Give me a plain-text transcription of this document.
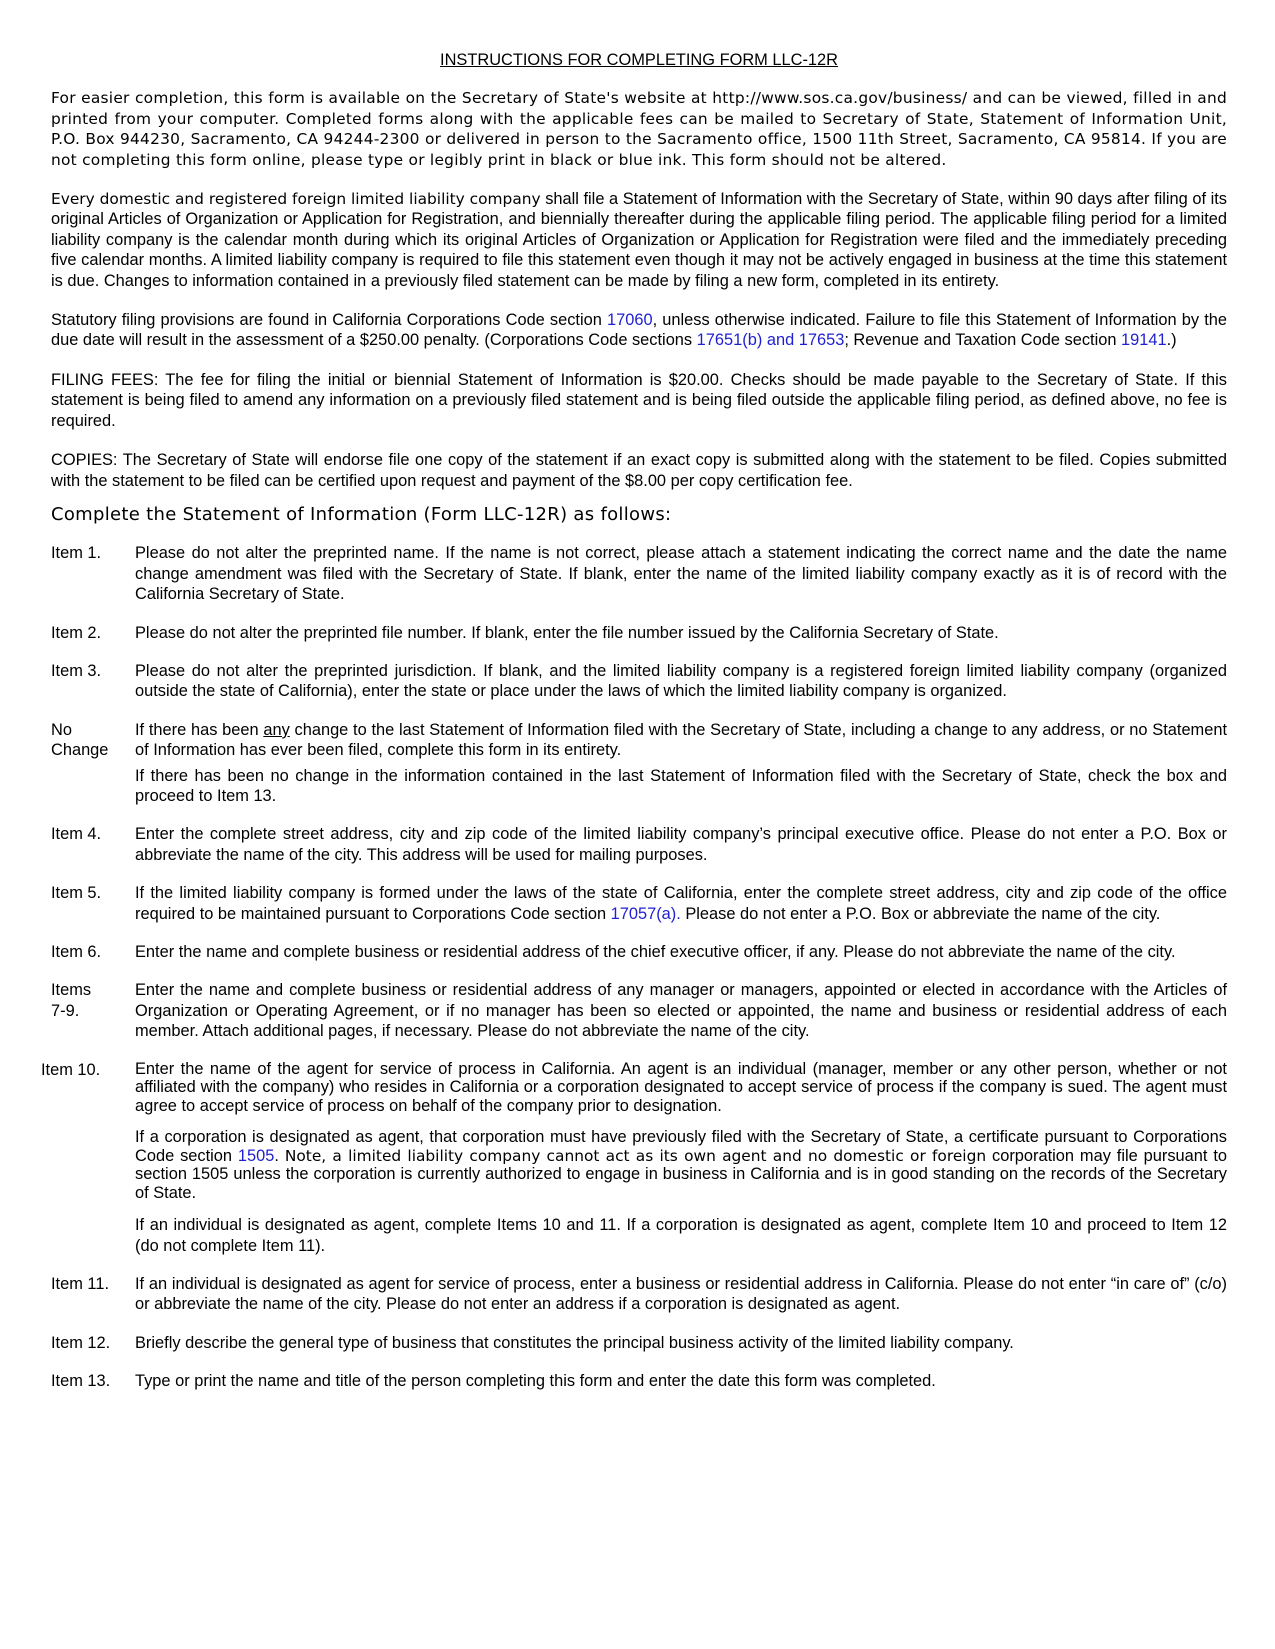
INSTRUCTIONS FOR COMPLETING FORM LLC-12R

For easier completion, this form is available on the Secretary of State's website at http://www.sos.ca.gov/business/ and can be viewed, filled in and printed from your computer. Completed forms along with the applicable fees can be mailed to Secretary of State, Statement of Information Unit, P.O. Box 944230, Sacramento, CA 94244-2300 or delivered in person to the Sacramento office, 1500 11th Street, Sacramento, CA 95814. If you are not completing this form online, please type or legibly print in black or blue ink. This form should not be altered.

Every domestic and registered foreign limited liability company shall file a Statement of Information with the Secretary of State, within 90 days after filing of its original Articles of Organization or Application for Registration, and biennially thereafter during the applicable filing period. The applicable filing period for a limited liability company is the calendar month during which its original Articles of Organization or Application for Registration were filed and the immediately preceding five calendar months. A limited liability company is required to file this statement even though it may not be actively engaged in business at the time this statement is due. Changes to information contained in a previously filed statement can be made by filing a new form, completed in its entirety.

Statutory filing provisions are found in California Corporations Code section 17060, unless otherwise indicated. Failure to file this Statement of Information by the due date will result in the assessment of a $250.00 penalty. (Corporations Code sections 17651(b) and 17653; Revenue and Taxation Code section 19141.)

FILING FEES: The fee for filing the initial or biennial Statement of Information is $20.00. Checks should be made payable to the Secretary of State. If this statement is being filed to amend any information on a previously filed statement and is being filed outside the applicable filing period, as defined above, no fee is required.

COPIES: The Secretary of State will endorse file one copy of the statement if an exact copy is submitted along with the statement to be filed. Copies submitted with the statement to be filed can be certified upon request and payment of the $8.00 per copy certification fee.

Complete the Statement of Information (Form LLC-12R) as follows:
Item 1.	Please do not alter the preprinted name. If the name is not correct, please attach a statement indicating the correct name and the date the name change amendment was filed with the Secretary of State. If blank, enter the name of the limited liability company exactly as it is of record with the California Secretary of State.

Item 2.	Please do not alter the preprinted file number. If blank, enter the file number issued by the California Secretary of State.

Item 3.	Please do not alter the preprinted jurisdiction. If blank, and the limited liability company is a registered foreign limited liability company (organized outside the state of California), enter the state or place under the laws of which the limited liability company is organized.

No
Change

If there has been any change to the last Statement of Information filed with the Secretary of State, including a change to any address, or no Statement of Information has ever been filed, complete this form in its entirety.

If there has been no change in the information contained in the last Statement of Information filed with the Secretary of State, check the box and proceed to Item 13.

Item 4.	Enter the complete street address, city and zip code of the limited liability company’s principal executive office. Please do not enter a P.O. Box or abbreviate the name of the city. This address will be used for mailing purposes.

Item 5.	If the limited liability company is formed under the laws of the state of California, enter the complete street address, city and zip code of the office required to be maintained pursuant to Corporations Code section 17057(a). Please do not enter a P.O. Box or abbreviate the name of the city.

Item 6.	Enter the name and complete business or residential address of the chief executive officer, if any. Please do not abbreviate the name of the city.

Items
7-9.

Enter the name and complete business or residential address of any manager or managers, appointed or elected in accordance with the Articles of Organization or Operating Agreement, or if no manager has been so elected or appointed, the name and business or residential address of each member. Attach additional pages, if necessary. Please do not abbreviate the name of the city.

Item 10.	Enter the name of the agent for service of process in California. An agent is an individual (manager, member or any other person, whether or not affiliated with the company) who resides in California or a corporation designated to accept service of process if the company is sued. The agent must agree to accept service of process on behalf of the company prior to designation.

If a corporation is designated as agent, that corporation must have previously filed with the Secretary of State, a certificate pursuant to Corporations Code section 1505. Note, a limited liability company cannot act as its own agent and no domestic or foreign corporation may file pursuant to section 1505 unless the corporation is currently authorized to engage in business in California and is in good standing on the records of the Secretary of State.

If an individual is designated as agent, complete Items 10 and 11. If a corporation is designated as agent, complete Item 10 and proceed to Item 12 (do not complete Item 11).

Item 11.	If an individual is designated as agent for service of process, enter a business or residential address in California. Please do not enter “in care of” (c/o) or abbreviate the name of the city. Please do not enter an address if a corporation is designated as agent.

Item 12.	Briefly describe the general type of business that constitutes the principal business activity of the limited liability company.

Item 13.	Type or print the name and title of the person completing this form and enter the date this form was completed.
